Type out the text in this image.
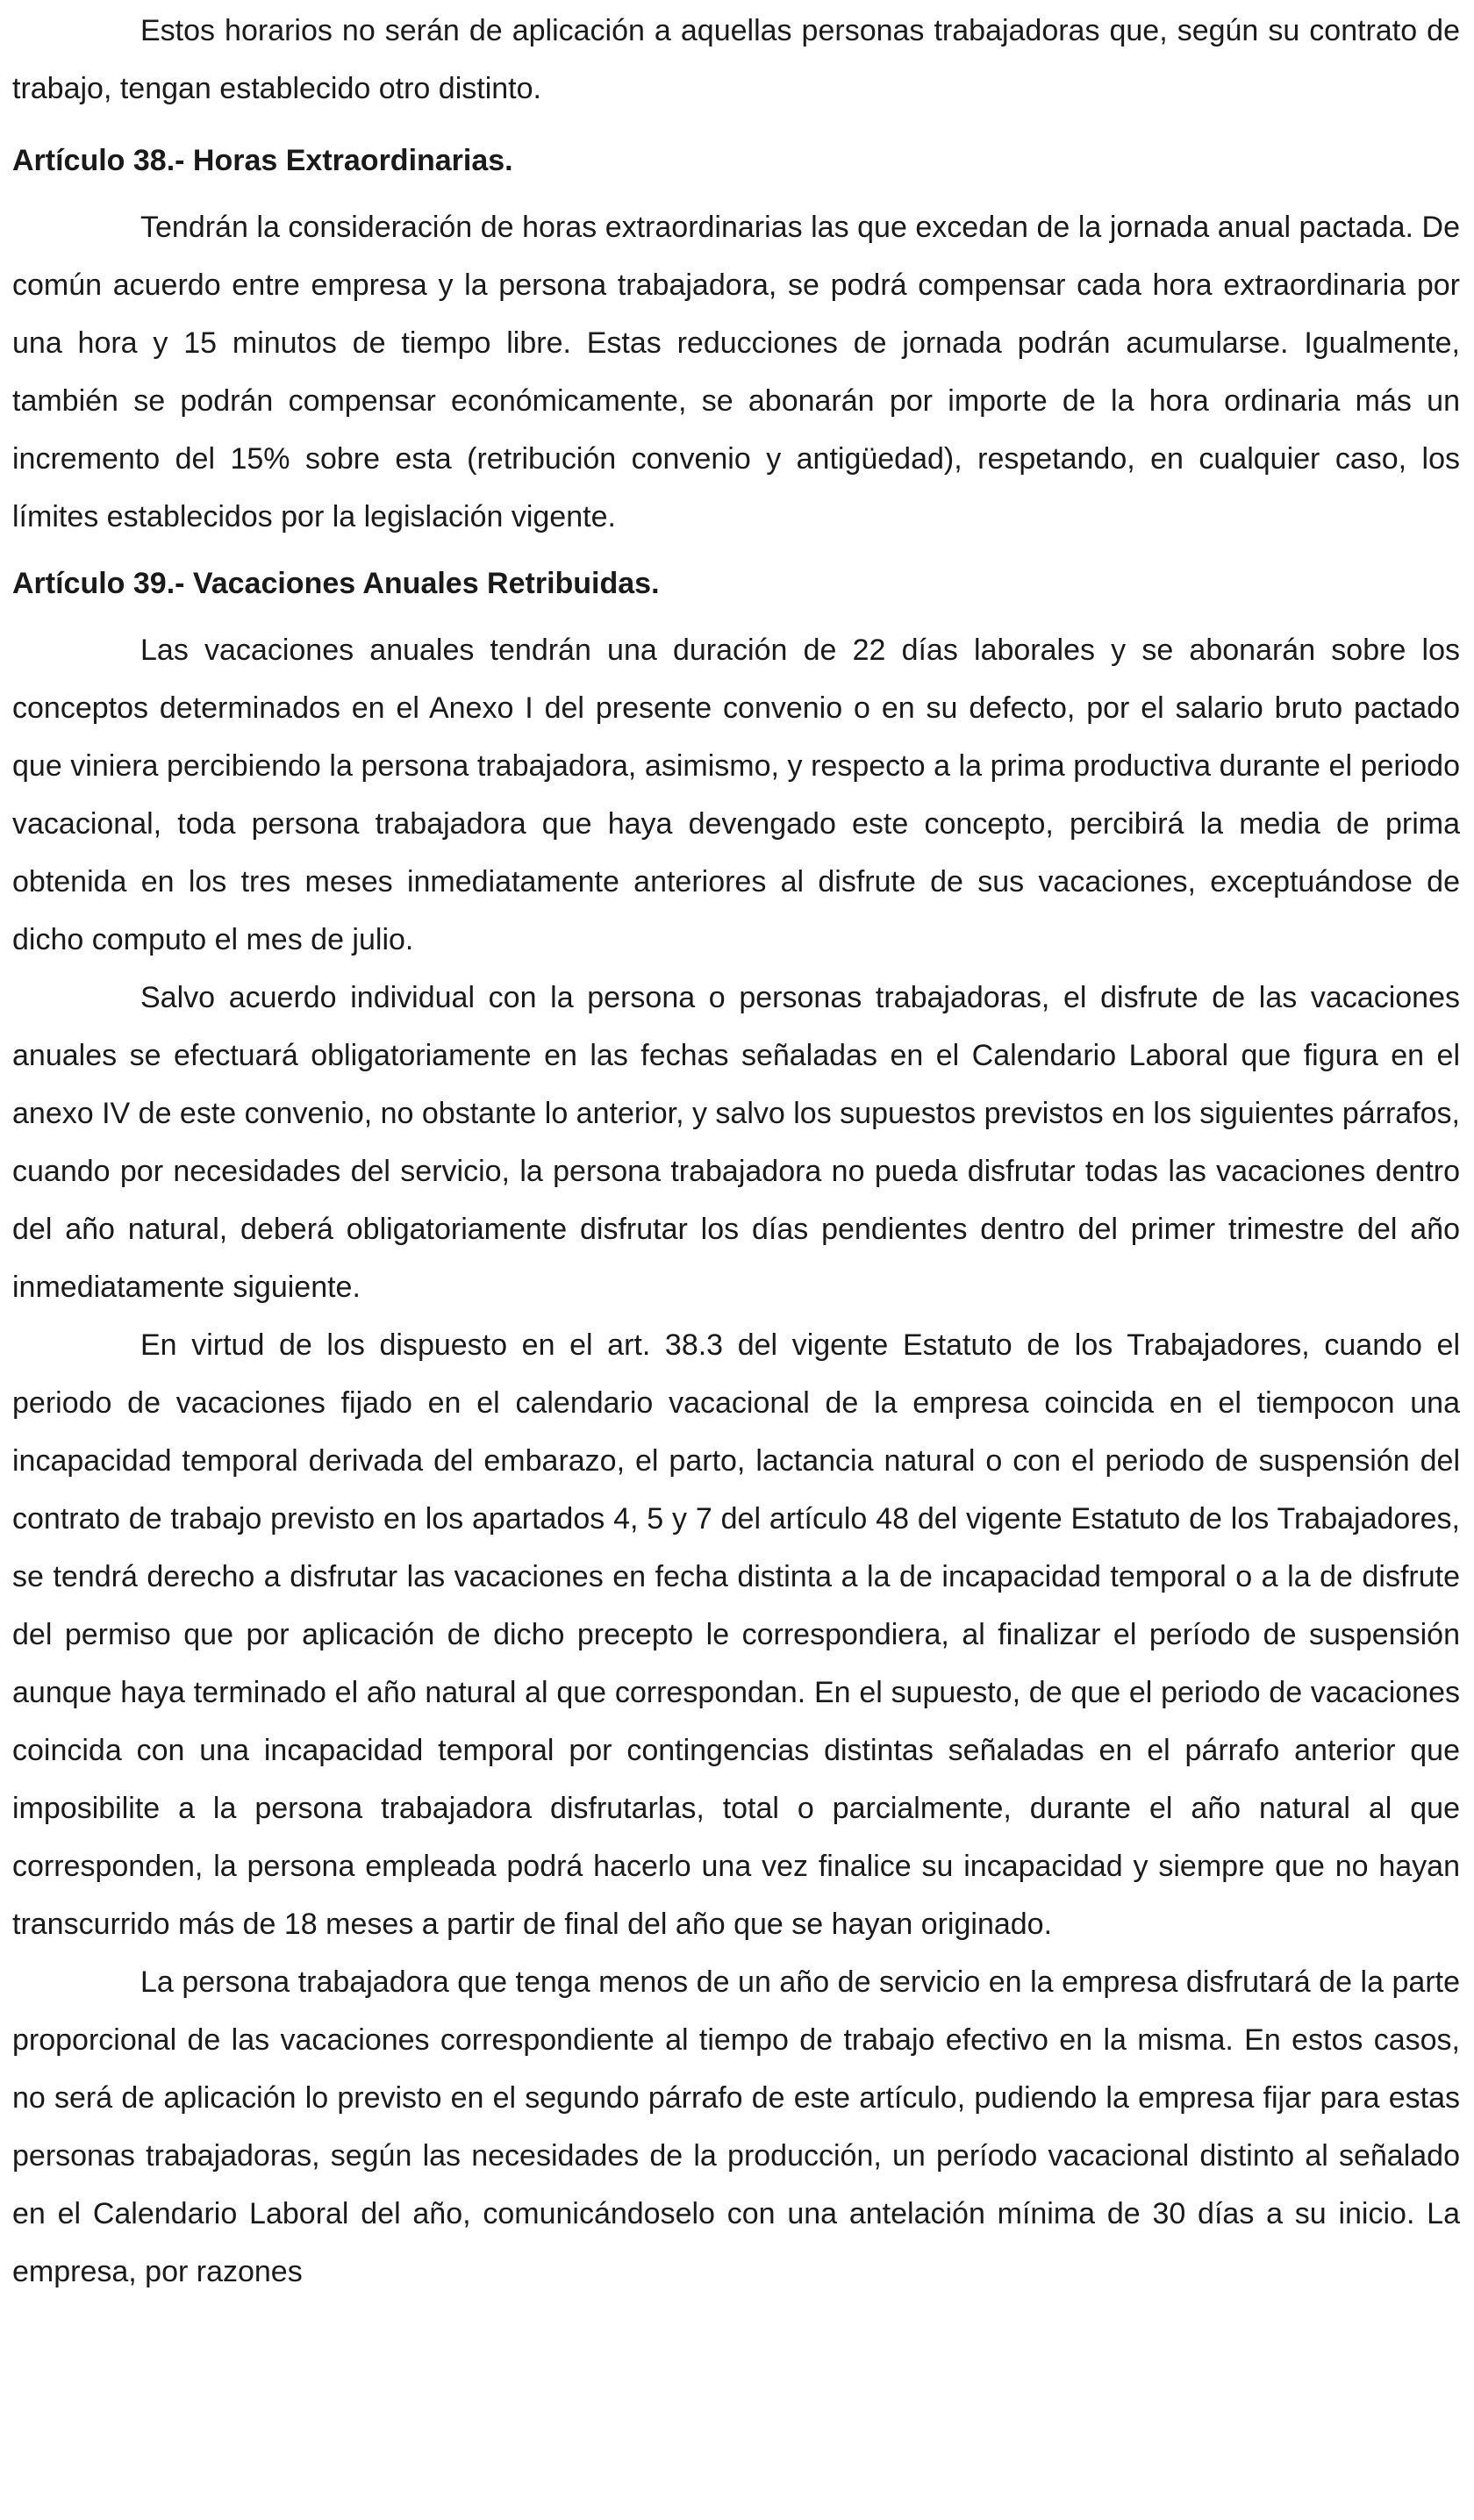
Estos horarios no serán de aplicación a aquellas personas trabajadoras que, según su contrato de trabajo, tengan establecido otro distinto.

Artículo 38.- Horas Extraordinarias.

Tendrán la consideración de horas extraordinarias las que excedan de la jornada anual pactada. De común acuerdo entre empresa y la persona trabajadora, se podrá compensar cada hora extraordinaria por una hora y 15 minutos de tiempo libre. Estas reducciones de jornada podrán acumularse. Igualmente, también se podrán compensar económicamente, se abonarán por importe de la hora ordinaria más un incremento del 15% sobre esta (retribución convenio y antigüedad), respetando, en cualquier caso, los límites establecidos por la legislación vigente.

Artículo 39.- Vacaciones Anuales Retribuidas.

Las vacaciones anuales tendrán una duración de 22 días laborales y se abonarán sobre los conceptos determinados en el Anexo I del presente convenio o en su defecto, por el salario bruto pactado que viniera percibiendo la persona trabajadora, asimismo, y respecto a la prima productiva durante el periodo vacacional, toda persona trabajadora que haya devengado este concepto, percibirá la media de prima obtenida en los tres meses inmediatamente anteriores al disfrute de sus vacaciones, exceptuándose de dicho computo el mes de julio.

Salvo acuerdo individual con la persona o personas trabajadoras, el disfrute de las vacaciones anuales se efectuará obligatoriamente en las fechas señaladas en el Calendario Laboral que figura en el anexo IV de este convenio, no obstante lo anterior, y salvo los supuestos previstos en los siguientes párrafos, cuando por necesidades del servicio, la persona trabajadora no pueda disfrutar todas las vacaciones dentro del año natural, deberá obligatoriamente disfrutar los días pendientes dentro del primer trimestre del año inmediatamente siguiente.

En virtud de los dispuesto en el art. 38.3 del vigente Estatuto de los Trabajadores, cuando el periodo de vacaciones fijado en el calendario vacacional de la empresa coincida en el tiempocon una incapacidad temporal derivada del embarazo, el parto, lactancia natural o con el periodo de suspensión del contrato de trabajo previsto en los apartados 4, 5 y 7 del artículo 48 del vigente Estatuto de los Trabajadores, se tendrá derecho a disfrutar las vacaciones en fecha distinta a la de incapacidad temporal o a la de disfrute del permiso que por aplicación de dicho precepto le correspondiera, al finalizar el período de suspensión aunque haya terminado el año natural al que correspondan. En el supuesto, de que el periodo de vacaciones coincida con una incapacidad temporal por contingencias distintas señaladas en el párrafo anterior que imposibilite a la persona trabajadora disfrutarlas, total o parcialmente, durante el año natural al que corresponden, la persona empleada podrá hacerlo una vez finalice su incapacidad y siempre que no hayan transcurrido más de 18 meses a partir de final del año que se hayan originado.

La persona trabajadora que tenga menos de un año de servicio en la empresa disfrutará de la parte proporcional de las vacaciones correspondiente al tiempo de trabajo efectivo en la misma. En estos casos, no será de aplicación lo previsto en el segundo párrafo de este artículo, pudiendo la empresa fijar para estas personas trabajadoras, según las necesidades de la producción, un período vacacional distinto al señalado en el Calendario Laboral del año, comunicándoselo con una antelación mínima de 30 días a su inicio. La empresa, por razones
